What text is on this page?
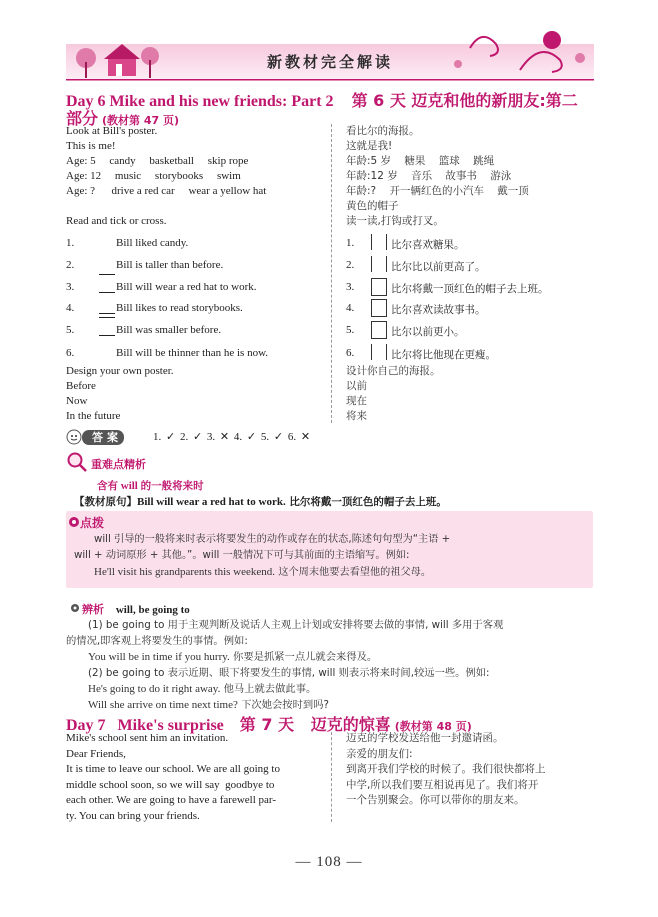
新教材完全解读
Day 6 Mike and his new friends: Part 2 第 6 天 迈克和他的新朋友:第二
部分 (教材第 47 页)
Look at Bill's poster.
This is me!
Age: 5     candy     basketball     skip rope
Age: 12     music     storybooks     swim
Age: ?      drive a red car     wear a yellow hat
Read and tick or cross.
看比尔的海报。
这就是我!
年龄:5 岁    糖果    篮球    跳绳
年龄:12 岁    音乐    故事书    游泳
年龄:?    开一辆红色的小汽车    戴一顶
黄色的帽子
读一读,打钩或打叉。
1.	Bill liked candy.
2.	Bill is taller than before.
3.	Bill will wear a red hat to work.
4.	Bill likes to read storybooks.
5.	Bill was smaller before.
6.	Bill will be thinner than he is now.
1.	比尔喜欢糖果。
2.	比尔比以前更高了。
3.	比尔将戴一顶红色的帽子去上班。
4.	比尔喜欢读故事书。
5.	比尔以前更小。
6.	比尔将比他现在更瘦。
Design your own poster.
Before
Now
In the future
设计你自己的海报。
以前
现在
将来
答案	1. ✓ 2. ✓ 3. ✕ 4. ✓ 5. ✓ 6. ✕
重难点精析
含有 will 的一般将来时
【教材原句】Bill will wear a red hat to work. 比尔将戴一顶红色的帽子去上班。
点拨
will 引导的一般将来时表示将要发生的动作或存在的状态,陈述句句型为“主语 +
will + 动词原形 + 其他。”。will 一般情况下可与其前面的主语缩写。例如:
He'll visit his grandparents this weekend. 这个周末他要去看望他的祖父母。
辨析 will, be going to
(1) be going to 用于主观判断及说话人主观上计划或安排将要去做的事情, will 多用于客观
的情况,即客观上将要发生的事情。例如:
You will be in time if you hurry. 你要是抓紧一点儿就会来得及。
(2) be going to 表示近期、眼下将要发生的事情, will 则表示将来时间,较远一些。例如:
He's going to do it right away. 他马上就去做此事。
Will she arrive on time next time? 下次她会按时到吗?
Day 7   Mike's surprise 第 7 天   迈克的惊喜 (教材第 48 页)
Mike's school sent him an invitation.
Dear Friends,
It is time to leave our school. We are all going to
middle school soon, so we will say  goodbye to
each other. We are going to have a farewell par-
ty. You can bring your friends.
迈克的学校发送给他一封邀请函。
亲爱的朋友们:
到离开我们学校的时候了。我们很快都将上
中学,所以我们要互相说再见了。我们将开
一个告别聚会。你可以带你的朋友来。
— 108 —
